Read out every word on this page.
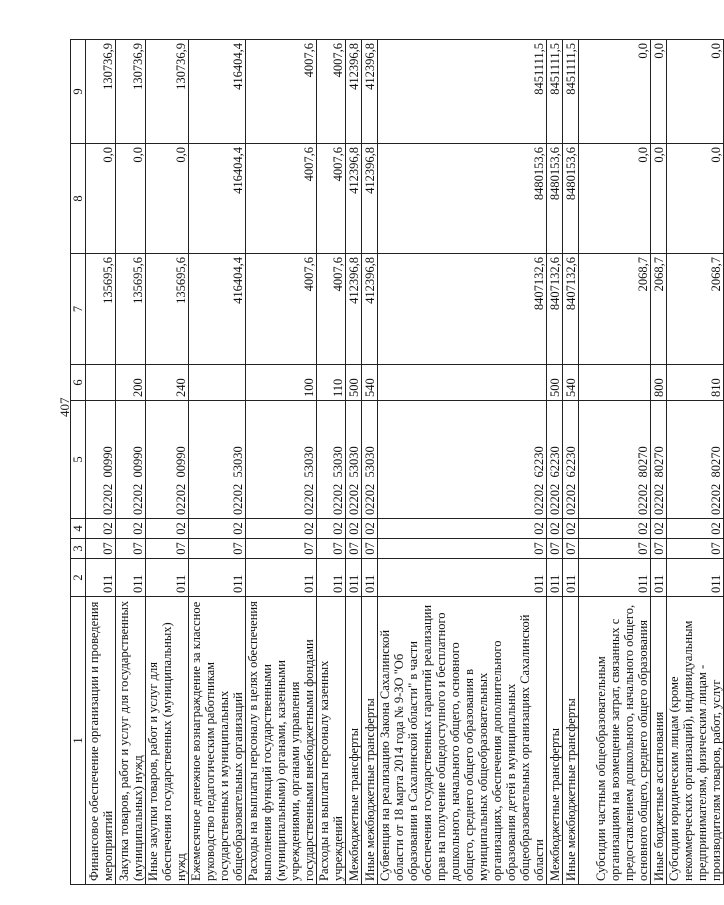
407
1	2	3	4	5	6	7	8	9
Финансовое обеспечение организации и проведения мероприятий	011	07	02	02202  00990		135695,6	0,0	130736,9
Закупка товаров, работ и услуг для государственных (муниципальных) нужд	011	07	02	02202  00990	200	135695,6	0,0	130736,9
Иные закупки товаров, работ и услуг для обеспечения государственных (муниципальных) нужд	011	07	02	02202  00990	240	135695,6	0,0	130736,9
Ежемесячное денежное вознаграждение за классное руководство педагогическим работникам государственных и муниципальных общеобразовательных организаций	011	07	02	02202  53030		416404,4	416404,4	416404,4
Расходы на выплаты персоналу в целях обеспечения выполнения функций государственными (муниципальными) органами, казенными учреждениями, органами управления государственными внебюджетными фондами	011	07	02	02202  53030	100	4007,6	4007,6	4007,6
Расходы на выплаты персоналу казенных учреждений	011	07	02	02202  53030	110	4007,6	4007,6	4007,6
Межбюджетные трансферты	011	07	02	02202  53030	500	412396,8	412396,8	412396,8
Иные межбюджетные трансферты	011	07	02	02202  53030	540	412396,8	412396,8	412396,8
Субвенция на реализацию Закона Сахалинской области от 18 марта 2014 года № 9-ЗО "Об образовании в Сахалинской области" в части обеспечения государственных гарантий реализации прав на получение общедоступного и бесплатного дошкольного, начального общего, основного общего, среднего общего образования в муниципальных общеобразовательных организациях, обеспечения дополнительного образования детей в муниципальных общеобразовательных организациях Сахалинской области	011	07	02	02202  62230		8407132,6	8480153,6	8451111,5
Межбюджетные трансферты	011	07	02	02202  62230	500	8407132,6	8480153,6	8451111,5
Иные межбюджетные трансферты	011	07	02	02202  62230	540	8407132,6	8480153,6	8451111,5
Субсидии частным общеобразовательным организациям на возмещение затрат, связанных с предоставлением дошкольного, начального общего, основного общего, среднего общего образования	011	07	02	02202  80270		2068,7	0,0	0,0
Иные бюджетные ассигнования	011	07	02	02202  80270	800	2068,7	0,0	0,0
Субсидии юридическим лицам (кроме некоммерческих организаций), индивидуальным предпринимателям, физическим лицам - производителям товаров, работ, услуг	011	07	02	02202  80270	810	2068,7	0,0	0,0
